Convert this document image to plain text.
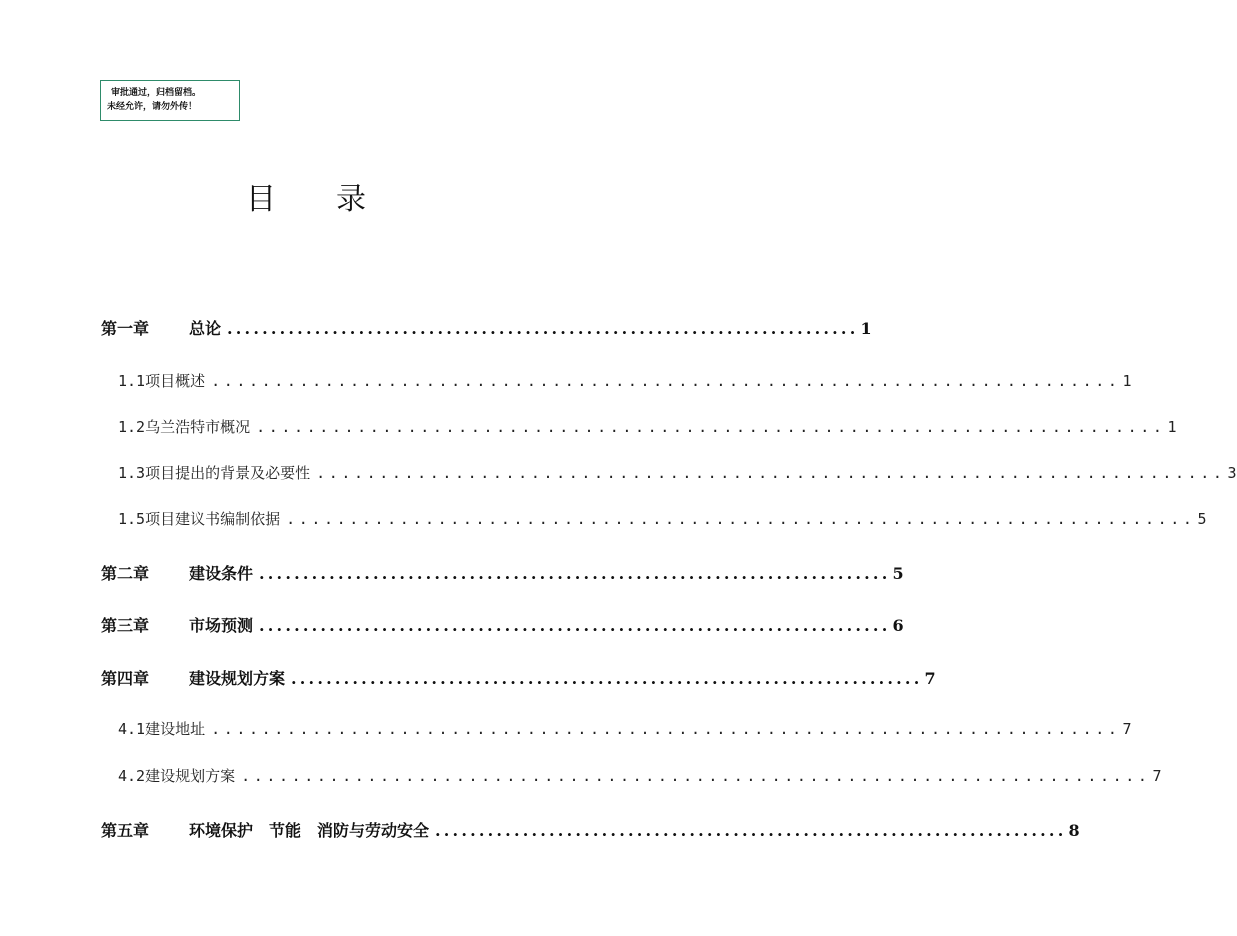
审批通过，归档留档。
未经允许，请勿外传！
目录
第一章	总论 ........................................................................ 1
1.1项目概述 ........................................................................ 1
1.2乌兰浩特市概况 ........................................................................ 1
1.3项目提出的背景及必要性 ........................................................................ 3
1.5项目建议书编制依据 ........................................................................ 5
第二章	建设条件 ........................................................................ 5
第三章	市场预测 ........................................................................ 6
第四章	建设规划方案 ........................................................................ 7
4.1建设地址 ........................................................................ 7
4.2建设规划方案 ........................................................................ 7
第五章	环境保护　节能　消防与劳动安全 ........................................................................ 8
